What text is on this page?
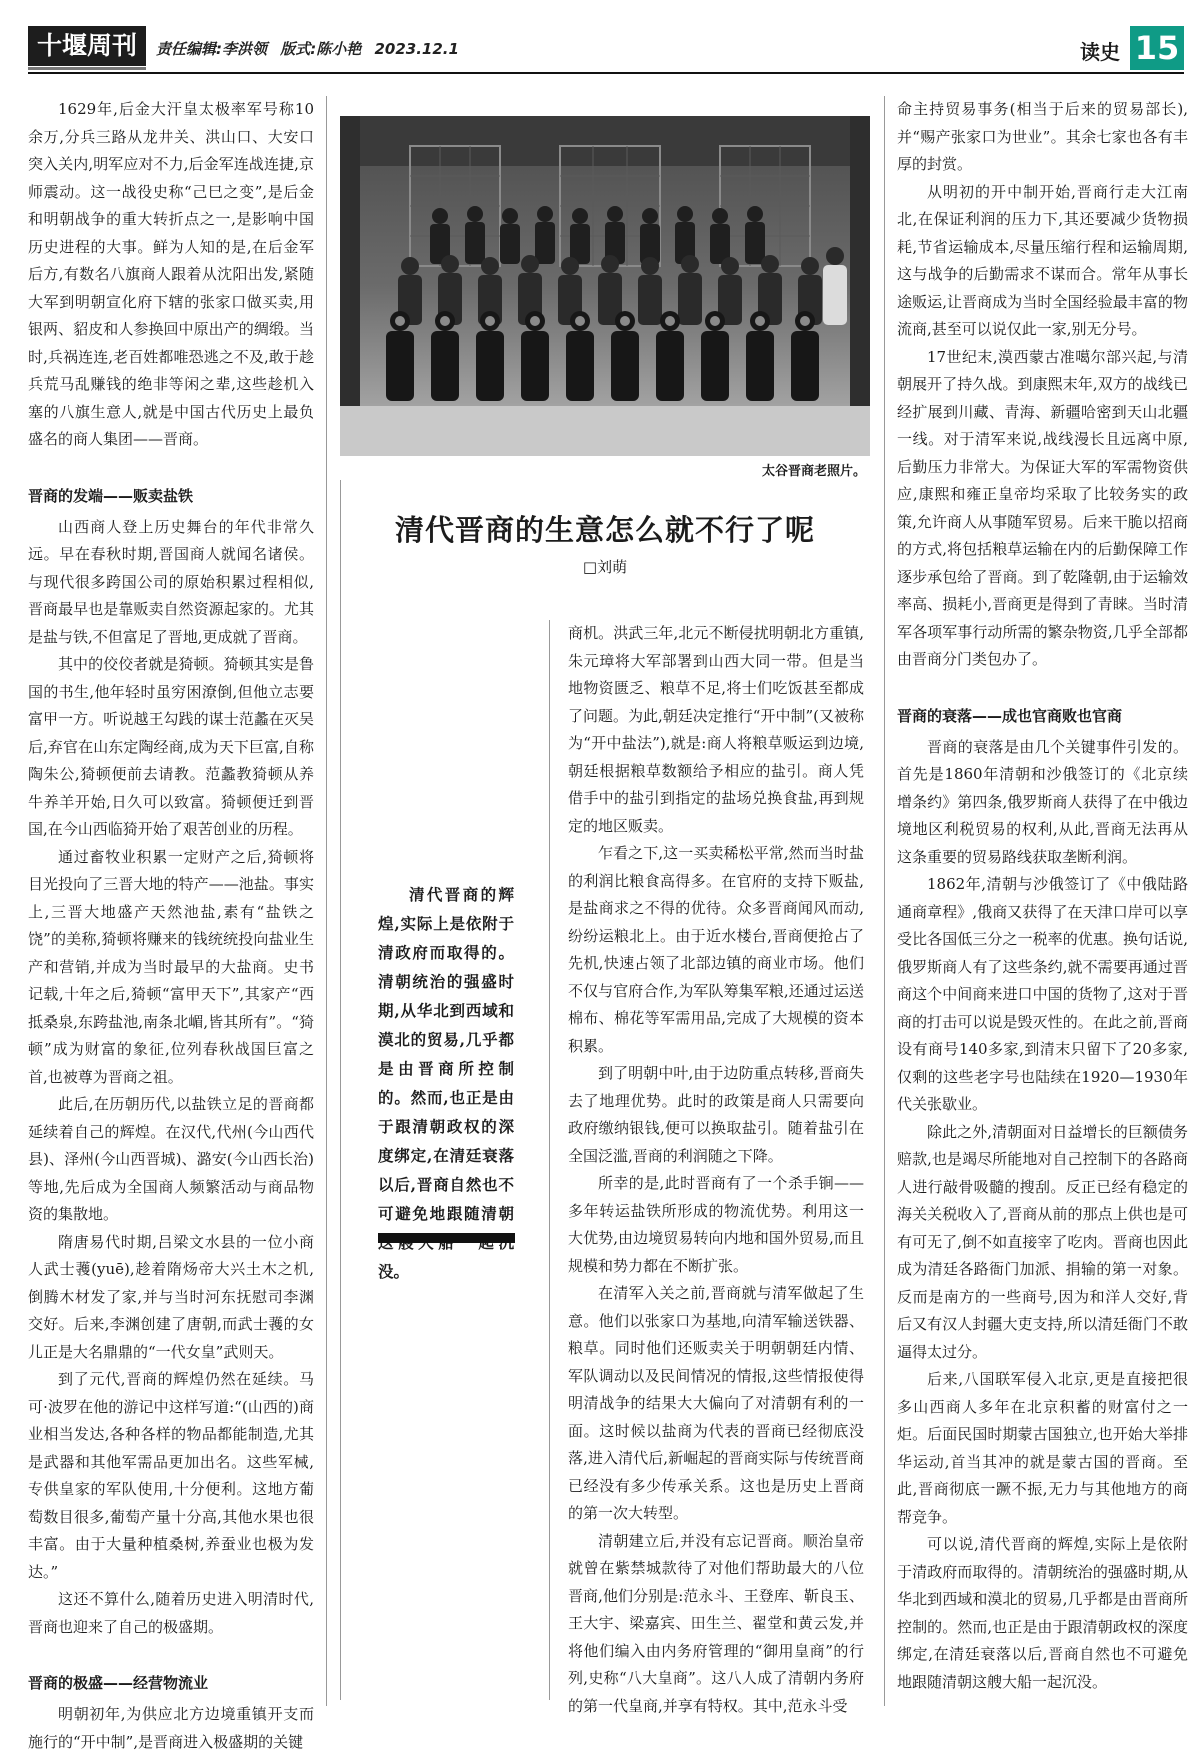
十堰周刊	责任编辑:李洪领 版式:陈小艳 2023.12.1	读史 15

1629年,后金大汗皇太极率军号称10余万,分兵三路从龙井关、洪山口、大安口突入关内,明军应对不力,后金军连战连捷,京师震动。这一战役史称“己巳之变”,是后金和明朝战争的重大转折点之一,是影响中国历史进程的大事。鲜为人知的是,在后金军后方,有数名八旗商人跟着从沈阳出发,紧随大军到明朝宣化府下辖的张家口做买卖,用银两、貂皮和人参换回中原出产的绸缎。当时,兵祸连连,老百姓都唯恐逃之不及,敢于趁兵荒马乱赚钱的绝非等闲之辈,这些趁机入塞的八旗生意人,就是中国古代历史上最负盛名的商人集团——晋商。

晋商的发端——贩卖盐铁

山西商人登上历史舞台的年代非常久远。早在春秋时期,晋国商人就闻名诸侯。与现代很多跨国公司的原始积累过程相似,晋商最早也是靠贩卖自然资源起家的。尤其是盐与铁,不但富足了晋地,更成就了晋商。

其中的佼佼者就是猗顿。猗顿其实是鲁国的书生,他年轻时虽穷困潦倒,但他立志要富甲一方。听说越王勾践的谋士范蠡在灭吴后,弃官在山东定陶经商,成为天下巨富,自称陶朱公,猗顿便前去请教。范蠡教猗顿从养牛养羊开始,日久可以致富。猗顿便迁到晋国,在今山西临猗开始了艰苦创业的历程。

通过畜牧业积累一定财产之后,猗顿将目光投向了三晋大地的特产——池盐。事实上,三晋大地盛产天然池盐,素有“盐铁之饶”的美称,猗顿将赚来的钱统统投向盐业生产和营销,并成为当时最早的大盐商。史书记载,十年之后,猗顿“富甲天下”,其家产“西抵桑泉,东跨盐池,南条北嵋,皆其所有”。“猗顿”成为财富的象征,位列春秋战国巨富之首,也被尊为晋商之祖。

此后,在历朝历代,以盐铁立足的晋商都延续着自己的辉煌。在汉代,代州(今山西代县)、泽州(今山西晋城)、潞安(今山西长治)等地,先后成为全国商人频繁活动与商品物资的集散地。

隋唐易代时期,吕梁文水县的一位小商人武士彟(yuē),趁着隋炀帝大兴土木之机,倒腾木材发了家,并与当时河东抚慰司李渊交好。后来,李渊创建了唐朝,而武士彟的女儿正是大名鼎鼎的“一代女皇”武则天。

到了元代,晋商的辉煌仍然在延续。马可·波罗在他的游记中这样写道:“(山西的)商业相当发达,各种各样的物品都能制造,尤其是武器和其他军需品更加出名。这些军械,专供皇家的军队使用,十分便利。这地方葡萄数目很多,葡萄产量十分高,其他水果也很丰富。由于大量种植桑树,养蚕业也极为发达。”

这还不算什么,随着历史进入明清时代,晋商也迎来了自己的极盛期。

晋商的极盛——经营物流业

明朝初年,为供应北方边境重镇开支而施行的“开中制”,是晋商进入极盛期的关键

太谷晋商老照片。
清代晋商的生意怎么就不行了呢
□刘萌

清代晋商的辉煌,实际上是依附于清政府而取得的。清朝统治的强盛时期,从华北到西域和漠北的贸易,几乎都是由晋商所控制的。然而,也正是由于跟清朝政权的深度绑定,在清廷衰落以后,晋商自然也不可避免地跟随清朝 没。

商机。洪武三年,北元不断侵扰明朝北方重镇,朱元璋将大军部署到山西大同一带。但是当地物资匮乏、粮草不足,将士们吃饭甚至都成了问题。为此,朝廷决定推行“开中制”(又被称为“开中盐法”),就是:商人将粮草贩运到边境,朝廷根据粮草数额给予相应的盐引。商人凭借手中的盐引到指定的盐场兑换食盐,再到规定的地区贩卖。

乍看之下,这一买卖稀松平常,然而当时盐的利润比粮食高得多。在官府的支持下贩盐,是盐商求之不得的优待。众多晋商闻风而动,纷纷运粮北上。由于近水楼台,晋商便抢占了先机,快速占领了北部边镇的商业市场。他们不仅与官府合作,为军队筹集军粮,还通过运送棉布、棉花等军需用品,完成了大规模的资本积累。

到了明朝中叶,由于边防重点转移,晋商失去了地理优势。此时的政策是商人只需要向政府缴纳银钱,便可以换取盐引。随着盐引在全国泛滥,晋商的利润随之下降。

所幸的是,此时晋商有了一个杀手锏——多年转运盐铁所形成的物流优势。利用这一大优势,由边境贸易转向内地和国外贸易,而且规模和势力都在不断扩张。

在清军入关之前,晋商就与清军做起了生意。他们以张家口为基地,向清军输送铁器、粮草。同时他们还贩卖关于明朝朝廷内情、军队调动以及民间情况的情报,这些情报使得明清战争的结果大大偏向了对清朝有利的一面。这时候以盐商为代表的晋商已经彻底没落,进入清代后,新崛起的晋商实际与传统晋商已经没有多少传承关系。这也是历史上晋商的第一次大转型。

清朝建立后,并没有忘记晋商。顺治皇帝就曾在紫禁城款待了对他们帮助最大的八位晋商,他们分别是:范永斗、王登库、靳良玉、王大宇、梁嘉宾、田生兰、翟堂和黄云发,并将他们编入由内务府管理的“御用皇商”的行列,史称“八大皇商”。这八人成了清朝内务府的第一代皇商,并享有特权。其中,范永斗受

命主持贸易事务(相当于后来的贸易部长),并“赐产张家口为世业”。其余七家也各有丰厚的封赏。

从明初的开中制开始,晋商行走大江南北,在保证利润的压力下,其还要减少货物损耗,节省运输成本,尽量压缩行程和运输周期,这与战争的后勤需求不谋而合。常年从事长途贩运,让晋商成为当时全国经验最丰富的物流商,甚至可以说仅此一家,别无分号。

17世纪末,漠西蒙古准噶尔部兴起,与清朝展开了持久战。到康熙末年,双方的战线已经扩展到川藏、青海、新疆哈密到天山北疆一线。对于清军来说,战线漫长且远离中原,后勤压力非常大。为保证大军的军需物资供应,康熙和雍正皇帝均采取了比较务实的政策,允许商人从事随军贸易。后来干脆以招商的方式,将包括粮草运输在内的后勤保障工作逐步承包给了晋商。到了乾隆朝,由于运输效率高、损耗小,晋商更是得到了青睐。当时清军各项军事行动所需的繁杂物资,几乎全部都由晋商分门类包办了。

晋商的衰落——成也官商败也官商

晋商的衰落是由几个关键事件引发的。首先是1860年清朝和沙俄签订的《北京续增条约》第四条,俄罗斯商人获得了在中俄边境地区利税贸易的权利,从此,晋商无法再从这条重要的贸易路线获取垄断利润。

1862年,清朝与沙俄签订了《中俄陆路通商章程》,俄商又获得了在天津口岸可以享受比各国低三分之一税率的优惠。换句话说,俄罗斯商人有了这些条约,就不需要再通过晋商这个中间商来进口中国的货物了,这对于晋商的打击可以说是毁灭性的。在此之前,晋商设有商号140多家,到清末只留下了20多家,仅剩的这些老字号也陆续在1920—1930年代关张歇业。

除此之外,清朝面对日益增长的巨额债务赔款,也是竭尽所能地对自己控制下的各路商人进行敲骨吸髓的搜刮。反正已经有稳定的海关关税收入了,晋商从前的那点上供也是可有可无了,倒不如直接宰了吃肉。晋商也因此成为清廷各路衙门加派、捐输的第一对象。反而是南方的一些商号,因为和洋人交好,背后又有汉人封疆大吏支持,所以清廷衙门不敢逼得太过分。

后来,八国联军侵入北京,更是直接把很多山西商人多年在北京积蓄的财富付之一炬。后面民国时期蒙古国独立,也开始大举排华运动,首当其冲的就是蒙古国的晋商。至此,晋商彻底一蹶不振,无力与其他地方的商帮竞争。

可以说,清代晋商的辉煌,实际上是依附于清政府而取得的。清朝统治的强盛时期,从华北到西域和漠北的贸易,几乎都是由晋商所控制的。然而,也正是由于跟清朝政权的深度绑定,在清廷衰落以后,晋商自然也不可避免地跟随清朝这艘大船一起沉没。
